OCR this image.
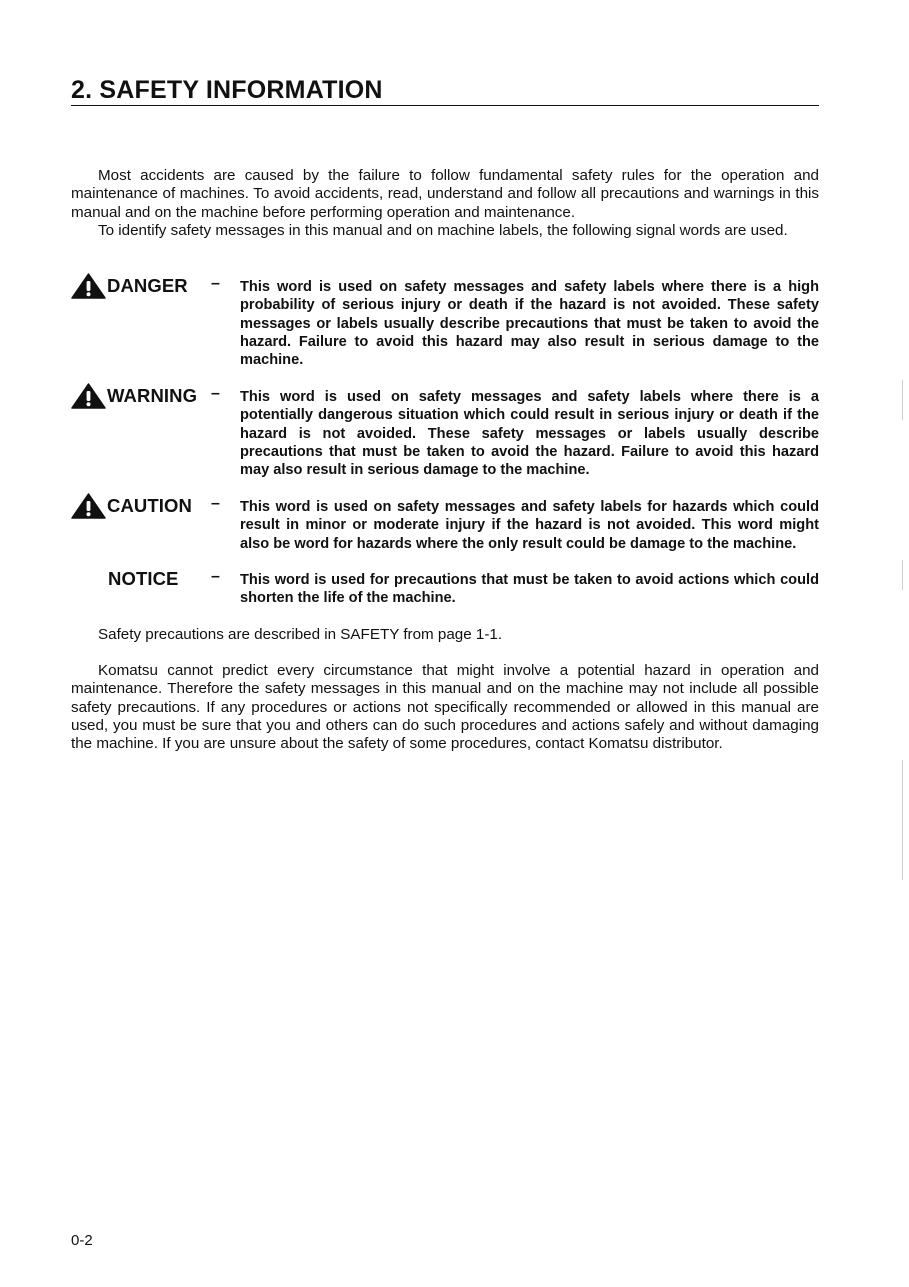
2. SAFETY INFORMATION

Most accidents are caused by the failure to follow fundamental safety rules for the operation and maintenance of machines. To avoid accidents, read, understand and follow all precautions and warnings in this manual and on the machine before performing operation and maintenance.

To identify safety messages in this manual and on machine labels, the following signal words are used.

DANGER – This word is used on safety messages and safety labels where there is a high probability of serious injury or death if the hazard is not avoided. These safety messages or labels usually describe precautions that must be taken to avoid the hazard. Failure to avoid this hazard may also result in serious damage to the machine.

WARNING – This word is used on safety messages and safety labels where there is a potentially dangerous situation which could result in serious injury or death if the hazard is not avoided. These safety messages or labels usually describe precautions that must be taken to avoid the hazard. Failure to avoid this hazard may also result in serious damage to the machine.

CAUTION – This word is used on safety messages and safety labels for hazards which could result in minor or moderate injury if the hazard is not avoided. This word might also be word for hazards where the only result could be damage to the machine.

NOTICE – This word is used for precautions that must be taken to avoid actions which could shorten the life of the machine.

Safety precautions are described in SAFETY from page 1-1.

Komatsu cannot predict every circumstance that might involve a potential hazard in operation and maintenance. Therefore the safety messages in this manual and on the machine may not include all possible safety precautions. If any procedures or actions not specifically recommended or allowed in this manual are used, you must be sure that you and others can do such procedures and actions safely and without damaging the machine. If you are unsure about the safety of some procedures, contact Komatsu distributor.

0-2
